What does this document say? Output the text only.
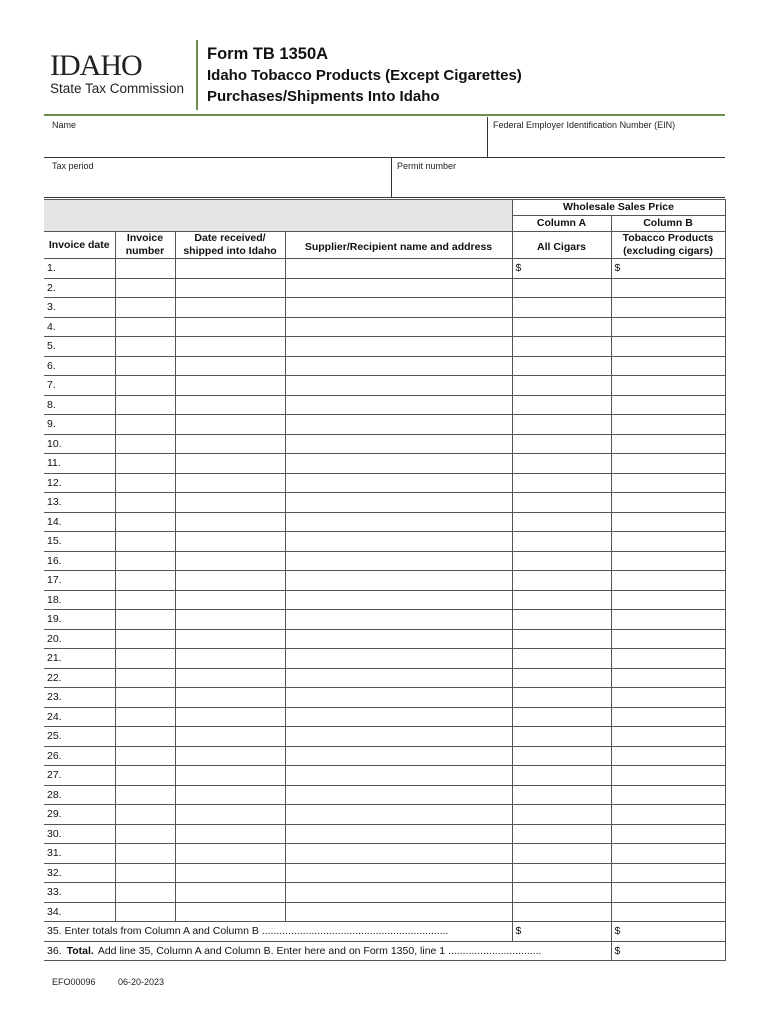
IDAHO
State Tax Commission
Form TB 1350A
Idaho Tobacco Products (Except Cigarettes)
Purchases/Shipments Into Idaho
Name	Federal Employer Identification Number (EIN)
Tax period	Permit number
				Wholesale Sales Price	
				Column A	Column B
Invoice date	Invoice number	Date received/ shipped into Idaho	Supplier/Recipient name and address	All Cigars	Tobacco Products (excluding cigars)
1.				$	$
2.					
3.					
4.					
5.					
6.					
7.					
8.					
9.					
10.					
11.					
12.					
13.					
14.					
15.					
16.					
17.					
18.					
19.					
20.					
21.					
22.					
23.					
24.					
25.					
26.					
27.					
28.					
29.					
30.					
31.					
32.					
33.					
34.					
35. Enter totals from Column A and Column B ................................................................				$	$
36. Total. Add line 35, Column A and Column B. Enter here and on Form 1350, line 1 ................................					$
EFO00096 06-20-2023
